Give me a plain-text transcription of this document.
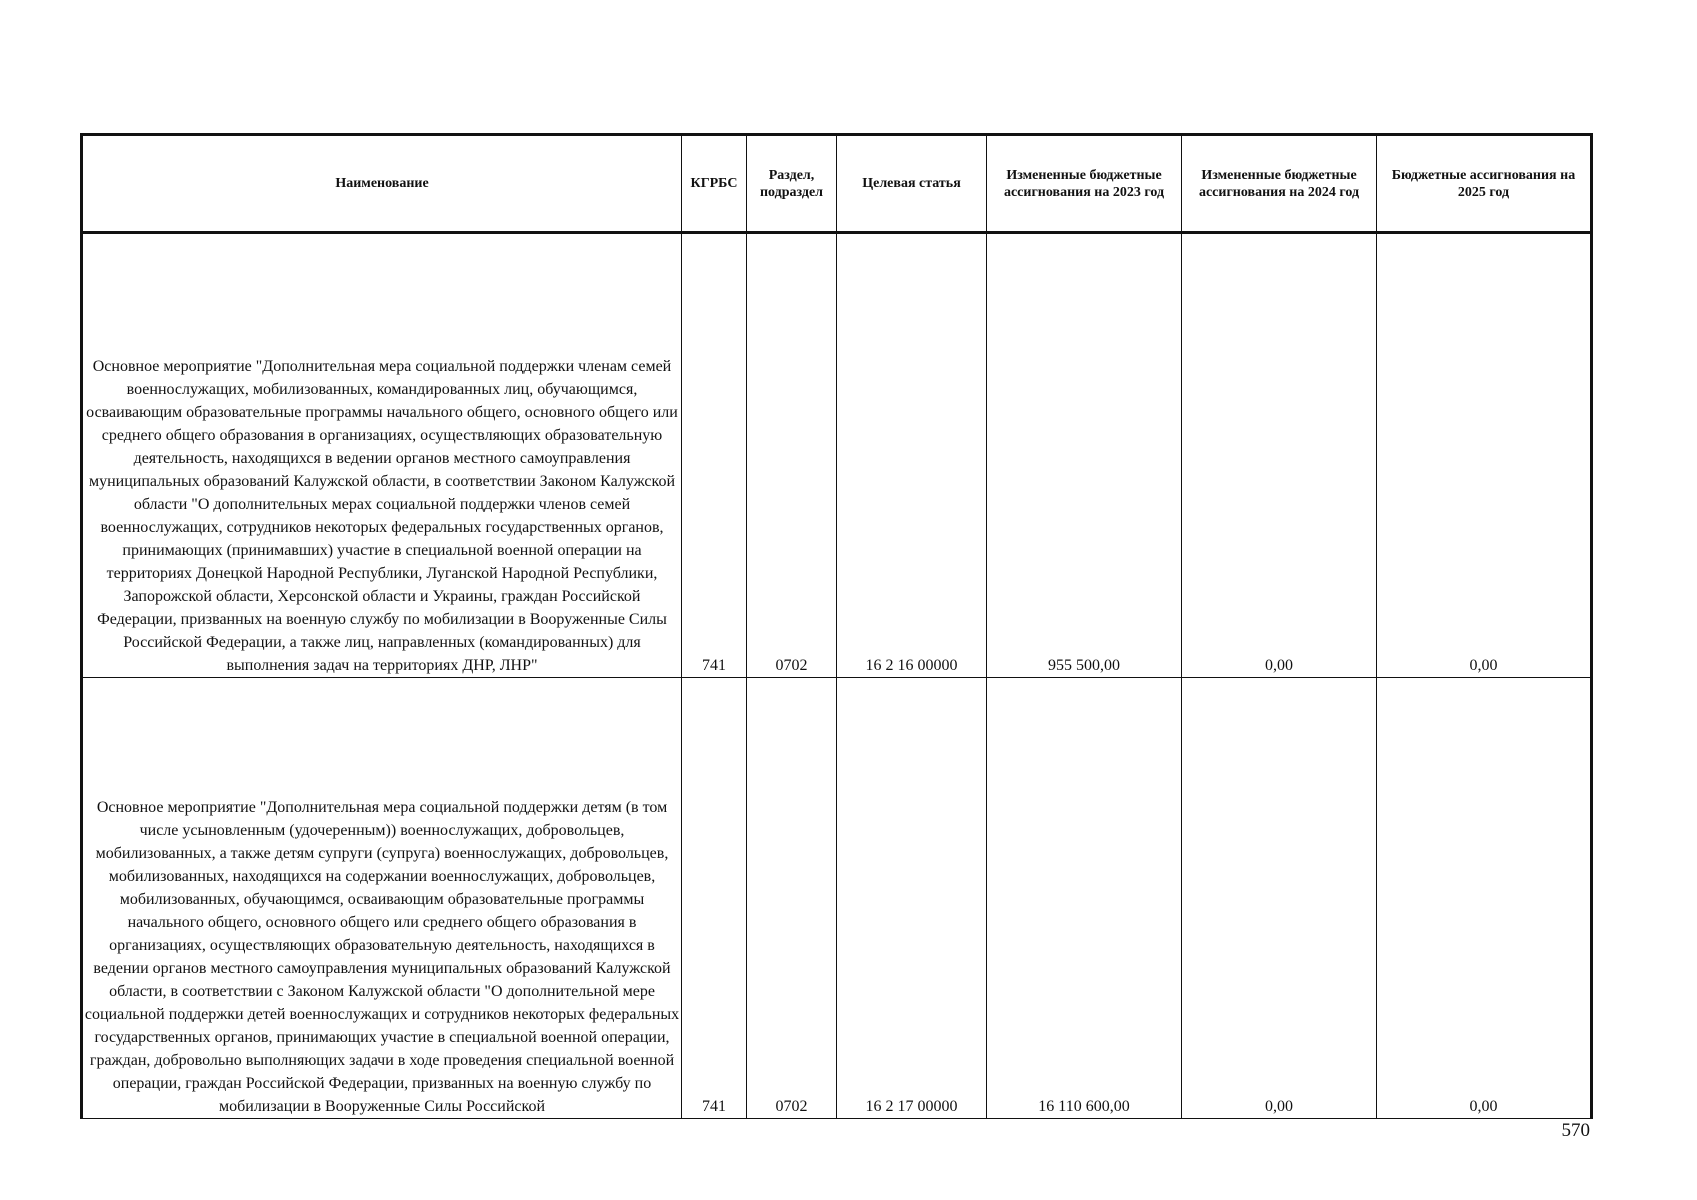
Наименование	КГРБС	Раздел, подраздел	Целевая статья	Измененные бюджетные ассигнования на 2023 год	Измененные бюджетные ассигнования на 2024 год	Бюджетные ассигнования на 2025 год
Основное мероприятие "Дополнительная мера социальной поддержки членам семей военнослужащих, мобилизованных, командированных лиц, обучающимся, осваивающим образовательные программы начального общего, основного общего или среднего общего образования в организациях, осуществляющих образовательную деятельность, находящихся в ведении органов местного самоуправления муниципальных образований Калужской области, в соответствии Законом Калужской области "О дополнительных мерах социальной поддержки членов семей военнослужащих, сотрудников некоторых федеральных государственных органов, принимающих (принимавших) участие в специальной военной операции на территориях Донецкой Народной Республики, Луганской Народной Республики, Запорожской области, Херсонской области и Украины, граждан Российской Федерации, призванных на военную службу по мобилизации в Вооруженные Силы Российской Федерации, а также лиц, направленных (командированных) для выполнения задач на территориях ДНР, ЛНР"	741	0702	16 2 16 00000	955 500,00	0,00	0,00
Основное мероприятие "Дополнительная мера социальной поддержки детям (в том числе усыновленным (удочеренным)) военнослужащих, добровольцев, мобилизованных, а также детям супруги (супруга) военнослужащих, добровольцев, мобилизованных, находящихся на содержании военнослужащих, добровольцев, мобилизованных, обучающимся, осваивающим образовательные программы начального общего, основного общего или среднего общего образования в организациях, осуществляющих образовательную деятельность, находящихся в ведении органов местного самоуправления муниципальных образований Калужской области, в соответствии с Законом Калужской области "О дополнительной мере социальной поддержки детей военнослужащих и сотрудников некоторых федеральных государственных органов, принимающих участие в специальной военной операции, граждан, добровольно выполняющих задачи в ходе проведения специальной военной операции, граждан Российской Федерации, призванных на военную службу по мобилизации в Вооруженные Силы Российской	741	0702	16 2 17 00000	16 110 600,00	0,00	0,00
570
